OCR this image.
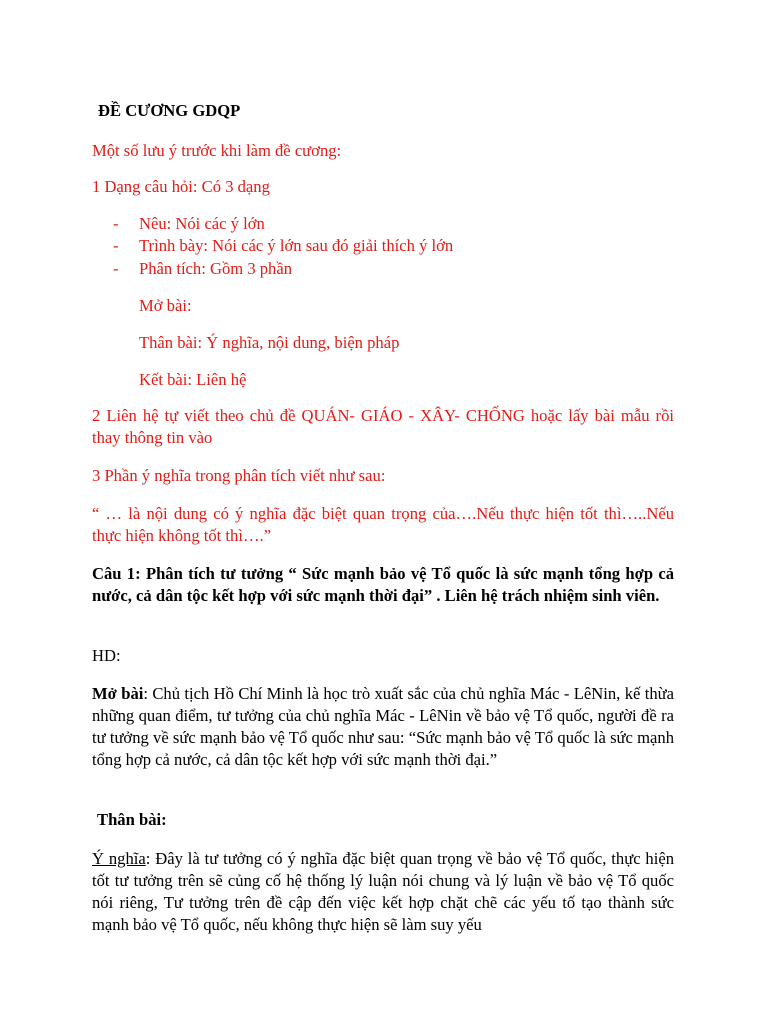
ĐỀ CƯƠNG GDQP

Một số lưu ý trước khi làm đề cương:

1 Dạng câu hỏi: Có 3 dạng

- Nêu: Nói các ý lớn
- Trình bày: Nói các ý lớn sau đó giải thích ý lớn
- Phân tích: Gồm 3 phần
Mở bài:
Thân bài: Ý nghĩa, nội dung, biện pháp
Kết bài: Liên hệ

2 Liên hệ tự viết theo chủ đề QUÁN- GIÁO - XÂY- CHỐNG hoặc lấy bài mẫu rồi thay thông tin vào

3 Phần ý nghĩa trong phân tích viết như sau:

“ … là nội dung có ý nghĩa đặc biệt quan trọng của….Nếu thực hiện tốt thì…..Nếu thực hiện không tốt thì….”

Câu 1: Phân tích tư tưởng “ Sức mạnh bảo vệ Tổ quốc là sức mạnh tổng hợp cả nước, cả dân tộc kết hợp với sức mạnh thời đại” . Liên hệ trách nhiệm sinh viên.

HD:

Mở bài: Chủ tịch Hồ Chí Minh là học trò xuất sắc của chủ nghĩa Mác - LêNin, kế thừa những quan điểm, tư tưởng của chủ nghĩa Mác - LêNin về bảo vệ Tổ quốc, người đề ra tư tưởng về sức mạnh bảo vệ Tổ quốc như sau: “Sức mạnh bảo vệ Tổ quốc là sức mạnh tổng hợp cả nước, cả dân tộc kết hợp với sức mạnh thời đại.”

Thân bài:

Ý nghĩa: Đây là tư tưởng có ý nghĩa đặc biệt quan trọng về bảo vệ Tổ quốc, thực hiện tốt tư tưởng trên sẽ củng cố hệ thống lý luận nói chung và lý luận về bảo vệ Tổ quốc nói riêng, Tư tưởng trên đề cập đến việc kết hợp chặt chẽ các yếu tố tạo thành sức mạnh bảo vệ Tổ quốc, nếu không thực hiện sẽ làm suy yếu
